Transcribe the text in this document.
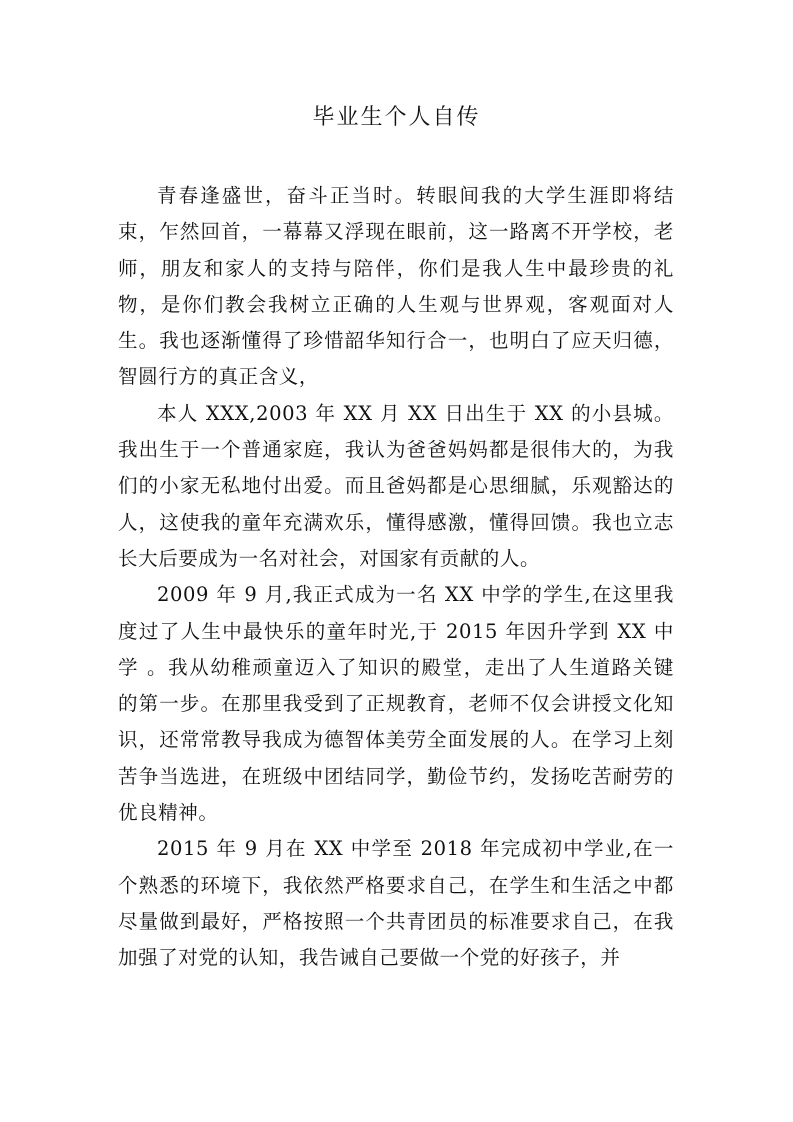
毕业生个人自传

青春逢盛世，奋斗正当时。转眼间我的大学生涯即将结束，乍然回首，一幕幕又浮现在眼前，这一路离不开学校，老师，朋友和家人的支持与陪伴，你们是我人生中最珍贵的礼物，是你们教会我树立正确的人生观与世界观，客观面对人生。我也逐渐懂得了珍惜韶华知行合一，也明白了应天归德，智圆行方的真正含义，

本人 XXX,2003 年 XX 月 XX 日出生于 XX 的小县城。我出生于一个普通家庭，我认为爸爸妈妈都是很伟大的，为我们的小家无私地付出爱。而且爸妈都是心思细腻，乐观豁达的人，这使我的童年充满欢乐，懂得感激，懂得回馈。我也立志长大后要成为一名对社会，对国家有贡献的人。

2009 年 9 月,我正式成为一名 XX 中学的学生,在这里我度过了人生中最快乐的童年时光,于 2015 年因升学到 XX 中学 。我从幼稚顽童迈入了知识的殿堂，走出了人生道路关键　的第一步。在那里我受到了正规教育，老师不仅会讲授文化知识，还常常教导我成为德智体美劳全面发展的人。在学习上刻苦争当选进，在班级中团结同学，勤俭节约，发扬吃苦耐劳的优良精神。

2015 年 9 月在 XX 中学至 2018 年完成初中学业,在一个熟悉的环境下，我依然严格要求自己，在学生和生活之中都尽量做到最好，严格按照一个共青团员的标准要求自己，在我加强了对党的认知，我告诫自己要做一个党的好孩子，并
